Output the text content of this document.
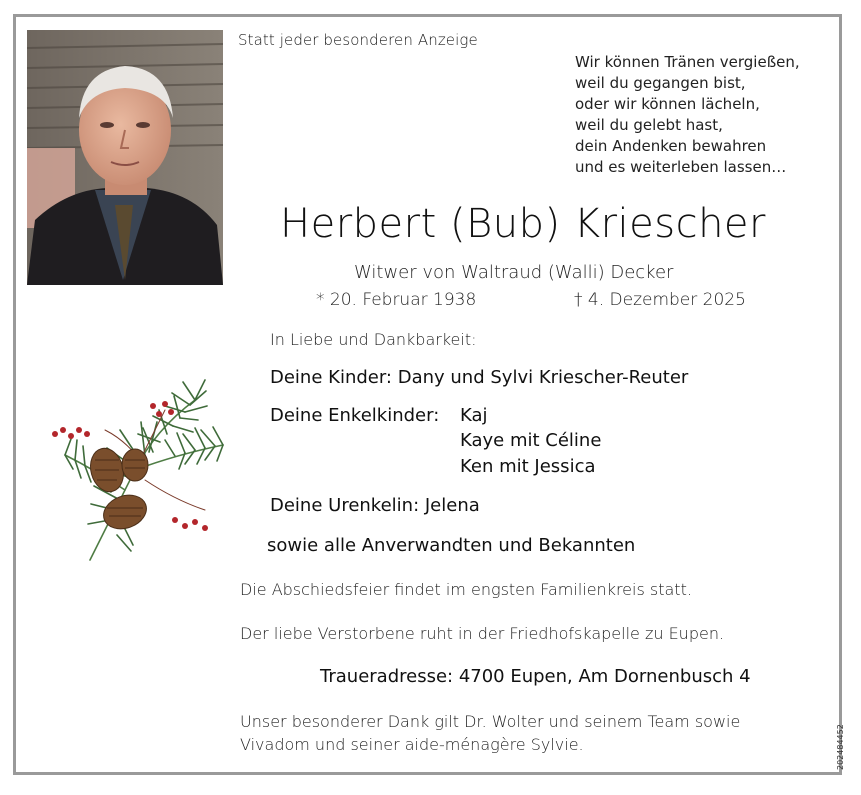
Statt jeder besonderen Anzeige
Wir können Tränen vergießen,
weil du gegangen bist,
oder wir können lächeln,
weil du gelebt hast,
dein Andenken bewahren
und es weiterleben lassen…
Herbert (Bub) Kriescher
Witwer von Waltraud (Walli) Decker
* 20. Februar 1938	† 4. Dezember 2025
In Liebe und Dankbarkeit:
Deine Kinder: Dany und Sylvi Kriescher-Reuter
Deine Enkelkinder: Kaj
Kaye mit Céline
Ken mit Jessica
Deine Urenkelin: Jelena
sowie alle Anverwandten und Bekannten
Die Abschiedsfeier findet im engsten Familienkreis statt.
Der liebe Verstorbene ruht in der Friedhofskapelle zu Eupen.
Traueradresse: 4700 Eupen, Am Dornenbusch 4
Unser besonderer Dank gilt Dr. Wolter und seinem Team sowie
Vivadom und seiner aide-ménagère Sylvie.	202484452
